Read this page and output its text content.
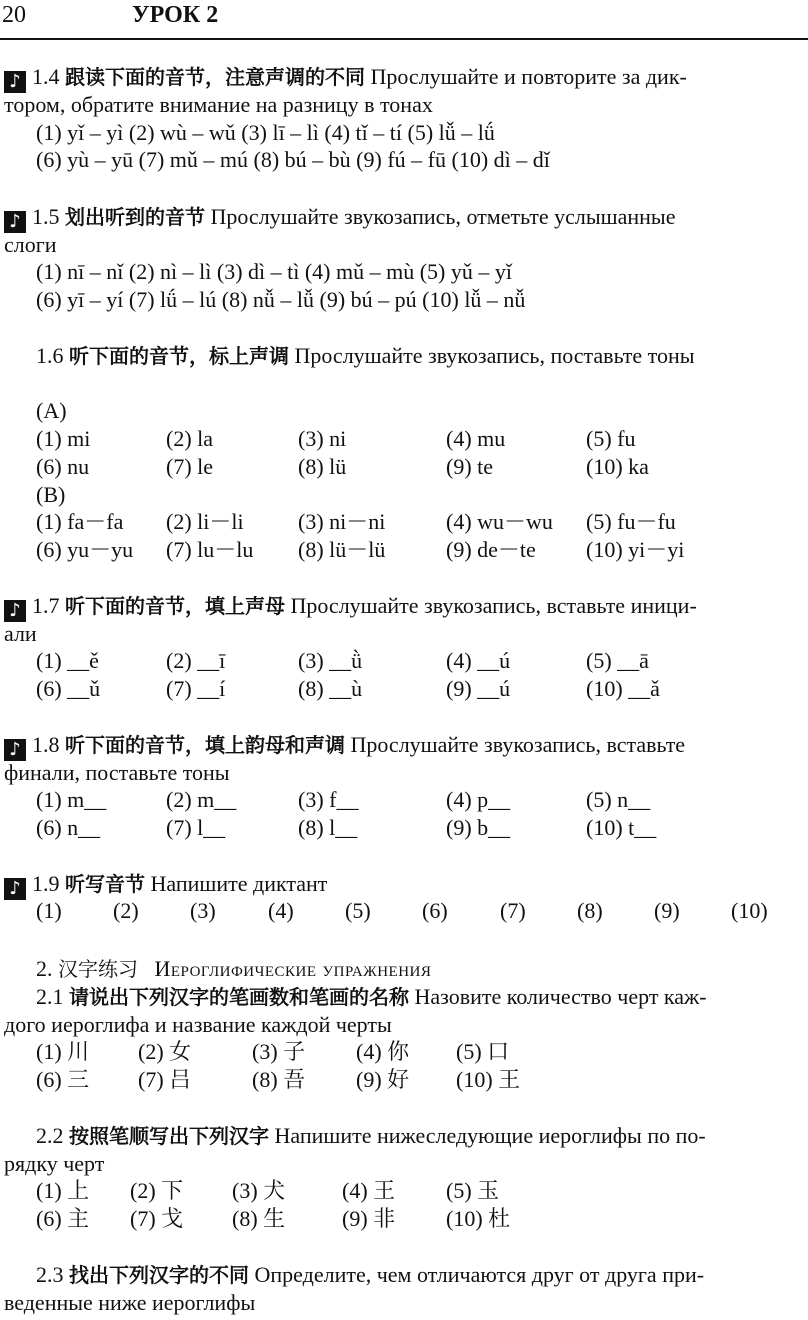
20	УРОК 2
♪ 1.4 跟读下面的音节，注意声调的不同 Прослушайте и повторите за дик-
тором, обратите внимание на разницу в тонах
(1) yǐ – yì (2) wù – wǔ (3) lī – lì (4) tǐ – tí (5) lǚ – lǘ
(6) yù – yū (7) mǔ – mú (8) bú – bù (9) fú – fū (10) dì – dǐ
♪ 1.5 划出听到的音节 Прослушайте звукозапись, отметьте услышанные
слоги
(1) nī – nǐ (2) nì – lì (3) dì – tì (4) mǔ – mù (5) yǔ – yǐ
(6) yī – yí (7) lǘ – lú (8) nǚ – lǚ (9) bú – pú (10) lǚ – nǚ
1.6 听下面的音节，标上声调 Прослушайте звукозапись, поставьте тоны
(A)
(1) mi	(2) la	(3) ni	(4) mu	(5) fu
(6) nu	(7) le	(8) lü	(9) te	(10) ka
(B)
(1) fa－fa (2) li－li (3) ni－ni	(4) wu－wu (5) fu－fu
(6) yu－yu (7) lu－lu (8) lü－lü	(9) de－te (10) yi－yi
♪ 1.7 听下面的音节，填上声母 Прослушайте звукозапись, вставьте иници-
али
(1) __ě	(2) __ī	(3) __ǜ	(4) __ú	(5) __ā
(6) __ǔ	(7) __í	(8) __ù	(9) __ú	(10) __ǎ
♪ 1.8 听下面的音节，填上韵母和声调 Прослушайте звукозапись, вставьте
финали, поставьте тоны
(1) m__	(2) m__	(3) f__	(4) p__	(5) n__
(6) n__	(7) l__	(8) l__	(9) b__	(10) t__
♪ 1.9 听写音节 Напишите диктант
(1) (2) (3) (4) (5) (6) (7) (8) (9) (10)
2. 汉字练习 Иероглифические упражнения
2.1 请说出下列汉字的笔画数和笔画的名称 Назовите количество черт каж-
дого иероглифа и название каждой черты
(1) 川 (2) 女	(3) 子 (4) 你 (5) 口
(6) 三 (7) 吕	(8) 吾 (9) 好 (10) 王
2.2 按照笔顺写出下列汉字 Напишите нижеследующие иероглифы по по-
рядку черт
(1) 上 (2) 下 (3) 犬	(4) 王 (5) 玉
(6) 主 (7) 戈 (8) 生	(9) 非 (10) 杜
2.3 找出下列汉字的不同 Определите, чем отличаются друг от друга при-
веденные ниже иероглифы
